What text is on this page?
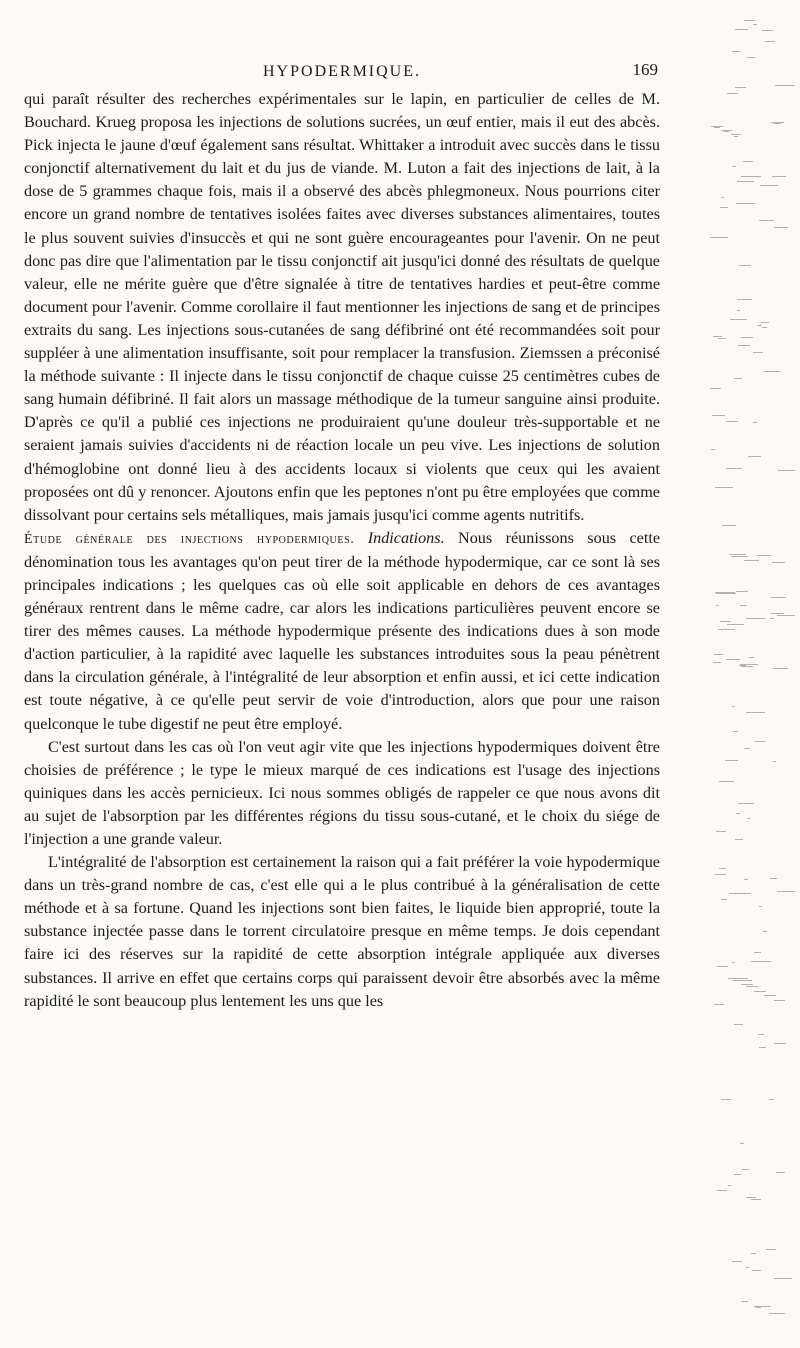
HYPODERMIQUE.	169

qui paraît résulter des recherches expérimentales sur le lapin, en particulier de celles de M. Bouchard. Krueg proposa les injections de solutions sucrées, un œuf entier, mais il eut des abcès. Pick injecta le jaune d'œuf également sans résultat. Whittaker a introduit avec succès dans le tissu conjonctif alternativement du lait et du jus de viande. M. Luton a fait des injections de lait, à la dose de 5 grammes chaque fois, mais il a observé des abcès phlegmoneux. Nous pourrions citer encore un grand nombre de tentatives isolées faites avec diverses substances alimentaires, toutes le plus souvent suivies d'insuccès et qui ne sont guère encourageantes pour l'avenir. On ne peut donc pas dire que l'alimentation par le tissu conjonctif ait jusqu'ici donné des résultats de quelque valeur, elle ne mérite guère que d'être signalée à titre de tentatives hardies et peut-être comme document pour l'avenir. Comme corollaire il faut mentionner les injections de sang et de principes extraits du sang. Les injections sous-cutanées de sang défibriné ont été recommandées soit pour suppléer à une alimentation insuffisante, soit pour remplacer la transfusion. Ziemssen a préconisé la méthode suivante : Il injecte dans le tissu conjonctif de chaque cuisse 25 centimètres cubes de sang humain défibriné. Il fait alors un massage méthodique de la tumeur sanguine ainsi produite. D'après ce qu'il a publié ces injections ne produiraient qu'une douleur très-supportable et ne seraient jamais suivies d'accidents ni de réaction locale un peu vive. Les injections de solution d'hémoglobine ont donné lieu à des accidents locaux si violents que ceux qui les avaient proposées ont dû y renoncer. Ajoutons enfin que les peptones n'ont pu être employées que comme dissolvant pour certains sels métalliques, mais jamais jusqu'ici comme agents nutritifs.

Étude générale des injections hypodermiques. Indications. Nous réunissons sous cette dénomination tous les avantages qu'on peut tirer de la méthode hypodermique, car ce sont là ses principales indications ; les quelques cas où elle soit applicable en dehors de ces avantages généraux rentrent dans le même cadre, car alors les indications particulières peuvent encore se tirer des mêmes causes. La méthode hypodermique présente des indications dues à son mode d'action particulier, à la rapidité avec laquelle les substances introduites sous la peau pénètrent dans la circulation générale, à l'intégralité de leur absorption et enfin aussi, et ici cette indication est toute négative, à ce qu'elle peut servir de voie d'introduction, alors que pour une raison quelconque le tube digestif ne peut être employé.

C'est surtout dans les cas où l'on veut agir vite que les injections hypodermiques doivent être choisies de préférence ; le type le mieux marqué de ces indications est l'usage des injections quiniques dans les accès pernicieux. Ici nous sommes obligés de rappeler ce que nous avons dit au sujet de l'absorption par les différentes régions du tissu sous-cutané, et le choix du siége de l'injection a une grande valeur.

L'intégralité de l'absorption est certainement la raison qui a fait préférer la voie hypodermique dans un très-grand nombre de cas, c'est elle qui a le plus contribué à la généralisation de cette méthode et à sa fortune. Quand les injections sont bien faites, le liquide bien approprié, toute la substance injectée passe dans le torrent circulatoire presque en même temps. Je dois cependant faire ici des réserves sur la rapidité de cette absorption intégrale appliquée aux diverses substances. Il arrive en effet que certains corps qui paraissent devoir être absorbés avec la même rapidité le sont beaucoup plus lentement les uns que les
